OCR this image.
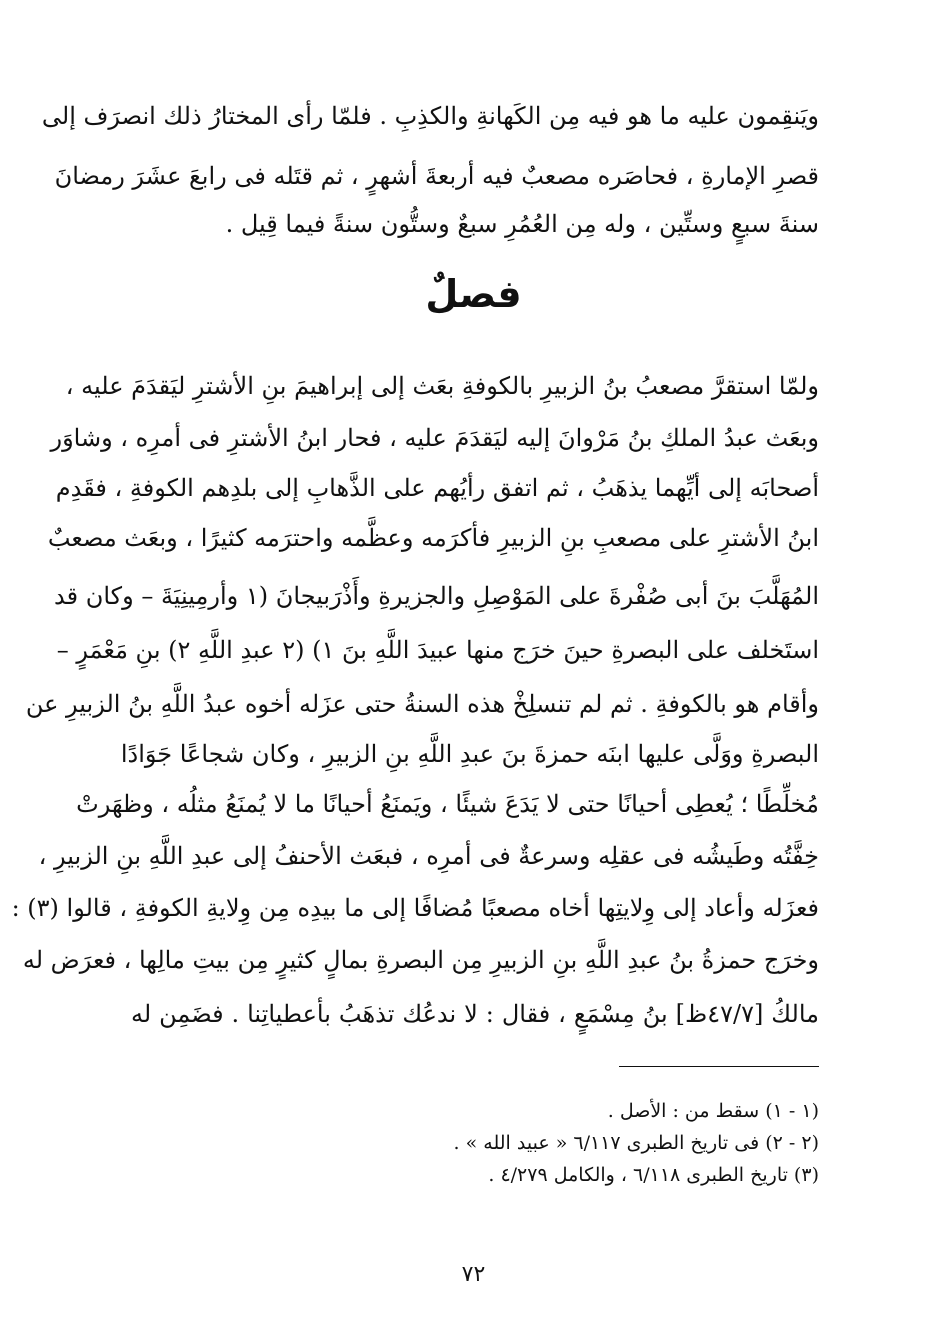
ويَنقِمون عليه ما هو فيه مِن الكَهانةِ والكذِبِ . فلمّا رأى المختارُ ذلك انصرَف إلى
قصرِ الإمارةِ ، فحاصَره مصعبٌ فيه أربعةَ أشهرٍ ، ثم قتَله فى رابعَ عشَرَ رمضانَ
سنةَ سبعٍ وستِّين ، وله مِن العُمُرِ سبعٌ وستُّون سنةً فيما قِيل .
فصلٌ
ولمّا استقرَّ مصعبُ بنُ الزبيرِ بالكوفةِ بعَث إلى إبراهيمَ بنِ الأشترِ ليَقدَمَ عليه ،
وبعَث عبدُ الملكِ بنُ مَرْوانَ إليه ليَقدَمَ عليه ، فحار ابنُ الأشترِ فى أمرِه ، وشاوَر
أصحابَه إلى أيِّهما يذهَبُ ، ثم اتفق رأيُهم على الذَّهابِ إلى بلدِهم الكوفةِ ، فقَدِم
ابنُ الأشترِ على مصعبِ بنِ الزبيرِ فأكرَمه وعظَّمه واحترَمه كثيرًا ، وبعَث مصعبٌ
المُهَلَّبَ بنَ أبى صُفْرةَ على المَوْصِلِ والجزيرةِ وأَذْرَبيجانَ (١ وأرمِينِيَةَ – وكان قد
استَخلف على البصرةِ حينَ خرَج منها عبيدَ اللَّهِ بنَ ١) (٢ عبدِ اللَّهِ ٢) بنِ مَعْمَرٍ –
وأقام هو بالكوفةِ . ثم لم تنسلِخْ هذه السنةُ حتى عزَله أخوه عبدُ اللَّهِ بنُ الزبيرِ عن
البصرةِ ووَلَّى عليها ابنَه حمزةَ بنَ عبدِ اللَّهِ بنِ الزبيرِ ، وكان شجاعًا جَوَادًا
مُخلِّطًا ؛ يُعطِى أحيانًا حتى لا يَدَعَ شيئًا ، ويَمنَعُ أحيانًا ما لا يُمنَعُ مثلُه ، وظهَرتْ
خِفَّتُه وطَيشُه فى عقلِه وسرعةٌ فى أمرِه ، فبعَث الأحنفُ إلى عبدِ اللَّهِ بنِ الزبيرِ ،
فعزَله وأعاد إلى وِلايتِها أخاه مصعبًا مُضافًا إلى ما بيدِه مِن وِلايةِ الكوفةِ ، قالوا (٣) :
وخرَج حمزةُ بنُ عبدِ اللَّهِ بنِ الزبيرِ مِن البصرةِ بمالٍ كثيرٍ مِن بيتِ مالِها ، فعرَض له
مالكُ [٤٧/٧ظ] بنُ مِسْمَعٍ ، فقال : لا ندعُك تذهَبُ بأعطياتِنا . فضَمِن له
(١ - ١) سقط من : الأصل .
(٢ - ٢) فى تاريخ الطبرى ٦/١١٧ « عبيد الله » .
(٣) تاريخ الطبرى ٦/١١٨ ، والكامل ٤/٢٧٩ .
٧٢
